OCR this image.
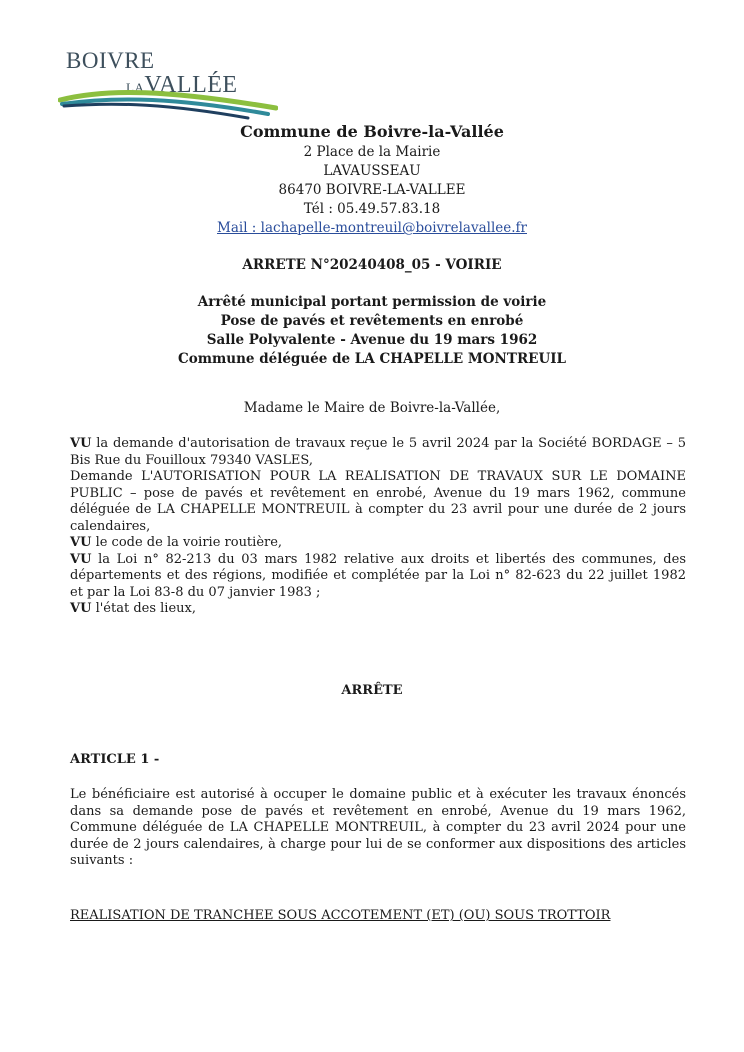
BOIVRE
LAVALLÉE
Commune de Boivre-la-Vallée
2 Place de la Mairie
LAVAUSSEAU
86470 BOIVRE-LA-VALLEE
Tél : 05.49.57.83.18
Mail : lachapelle-montreuil@boivrelavallee.fr
ARRETE N°20240408_05 - VOIRIE
Arrêté municipal portant permission de voirie
Pose de pavés et revêtements en enrobé
Salle Polyvalente - Avenue du 19 mars 1962
Commune déléguée de LA CHAPELLE MONTREUIL
Madame le Maire de Boivre-la-Vallée,

VU la demande d'autorisation de travaux reçue le 5 avril 2024 par la Société BORDAGE – 5 Bis Rue du Fouilloux 79340 VASLES,

Demande L'AUTORISATION POUR LA REALISATION DE TRAVAUX SUR LE DOMAINE PUBLIC – pose de pavés et revêtement en enrobé, Avenue du 19 mars 1962, commune déléguée de LA CHAPELLE MONTREUIL à compter du 23 avril pour une durée de 2 jours calendaires,

VU le code de la voirie routière,

VU la Loi n° 82-213 du 03 mars 1982 relative aux droits et libertés des communes, des départements et des régions, modifiée et complétée par la Loi n° 82-623 du 22 juillet 1982 et par la Loi 83-8 du 07 janvier 1983 ;

VU l'état des lieux,

ARRÊTE
ARTICLE 1 -
Le bénéficiaire est autorisé à occuper le domaine public et à exécuter les travaux énoncés dans sa demande pose de pavés et revêtement en enrobé, Avenue du 19 mars 1962, Commune déléguée de LA CHAPELLE MONTREUIL, à compter du 23 avril 2024 pour une durée de 2 jours calendaires, à charge pour lui de se conformer aux dispositions des articles suivants :
REALISATION DE TRANCHEE SOUS ACCOTEMENT (ET) (OU) SOUS TROTTOIR
